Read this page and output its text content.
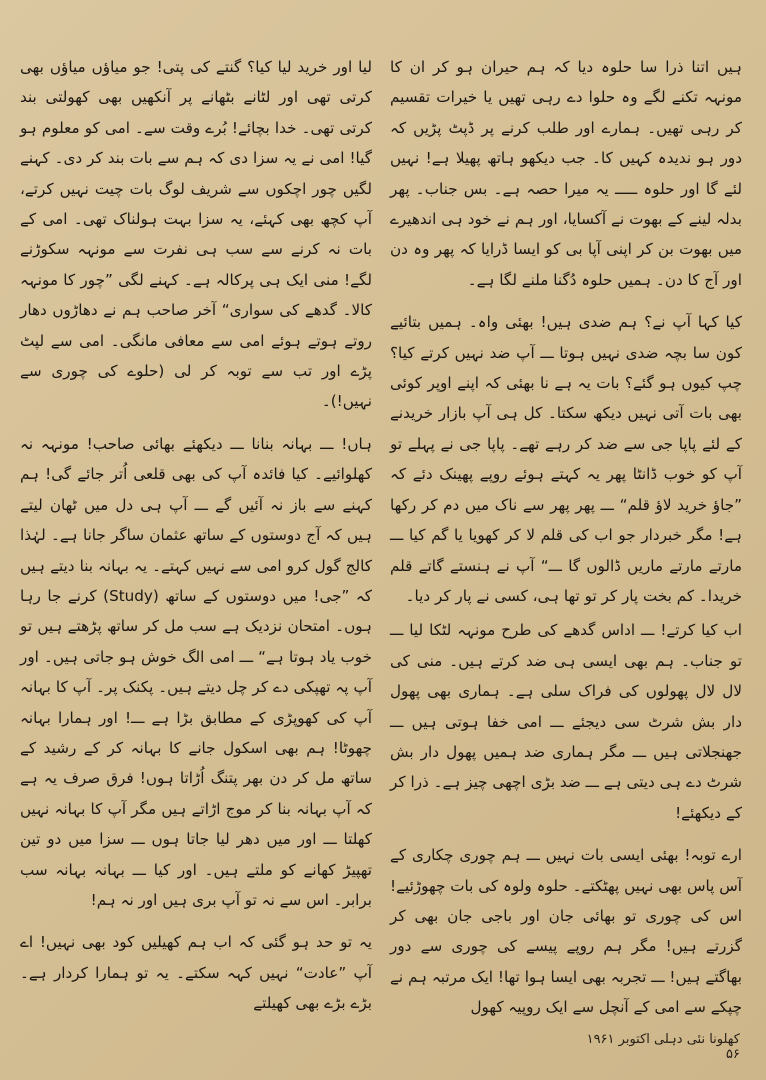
ہیں اتنا ذرا سا حلوہ دیا کہ ہم حیران ہو کر ان کا مونہہ تکنے لگے وہ حلوا دے رہی تھیں یا خیرات تقسیم کر رہی تھیں۔ ہمارے اور طلب کرنے پر ڈپٹ پڑیں کہ دور ہو ندیدہ کہیں کا۔ جب دیکھو ہاتھ پھیلا ہے! نہیں لئے گا اور حلوہ ـــــ یہ میرا حصہ ہے۔ بس جناب۔ پھر بدلہ لینے کے بھوت نے آکسایا، اور ہم نے خود ہی اندھیرے میں بھوت بن کر اپنی آپا بی کو ایسا ڈرایا کہ پھر وہ دن اور آج کا دن۔ ہمیں حلوہ دُگنا ملنے لگا ہے۔

کیا کہا آپ نے؟ ہم ضدی ہیں! بھئی واہ۔ ہمیں بتائیے کون سا بچہ ضدی نہیں ہوتا ـــ آپ ضد نہیں کرتے کیا؟ چپ کیوں ہو گئے؟ بات یہ ہے نا بھئی کہ اپنے اوپر کوئی بھی بات آتی نہیں دیکھ سکتا۔ کل ہی آپ بازار خریدنے کے لئے پاپا جی سے ضد کر رہے تھے۔ پاپا جی نے پہلے تو آپ کو خوب ڈانٹا پھر یہ کہتے ہوئے روپے پھینک دئے کہ ”جاؤ خرید لاؤ قلم“ ـــ پھر پھر سے ناک میں دم کر رکھا ہے! مگر خبردار جو اب کی قلم لا کر کھویا یا گم کیا ـــ مارتے مارتے ماریں ڈالوں گا ـــ“ آپ نے ہنستے گاتے قلم خریدا۔ کم بخت پار کر تو تھا ہی، کسی نے پار کر دیا۔

اب کیا کرتے! ـــ اداس گدھے کی طرح مونہہ لٹکا لیا ـــ تو جناب۔ ہم بھی ایسی ہی ضد کرتے ہیں۔ منی کی لال لال پھولوں کی فراک سلی ہے۔ ہماری بھی پھول دار بش شرٹ سی دیجئے ـــ امی خفا ہوتی ہیں ـــ جھنجلاتی ہیں ـــ مگر ہماری ضد ہمیں پھول دار بش شرٹ دے ہی دیتی ہے ـــ ضد بڑی اچھی چیز ہے۔ ذرا کر کے دیکھئے!

ارے توبہ! بھئی ایسی بات نہیں ـــ ہم چوری چکاری کے آس پاس بھی نہیں پھٹکتے۔ حلوہ ولوہ کی بات چھوڑئیے! اس کی چوری تو بھائی جان اور باجی جان بھی کر گزرتے ہیں! مگر ہم روپے پیسے کی چوری سے دور بھاگتے ہیں! ـــ تجربہ بھی ایسا ہوا تھا! ایک مرتبہ ہم نے چپکے سے امی کے آنچل سے ایک روپیہ کھول

لیا اور خرید لیا کیا؟ گنتے کی پتی! جو میاؤں میاؤں بھی کرتی تھی اور لٹانے بٹھانے پر آنکھیں بھی کھولتی بند کرتی تھی۔ خدا بچائے! بُرے وقت سے۔ امی کو معلوم ہو گیا! امی نے یہ سزا دی کہ ہم سے بات بند کر دی۔ کہنے لگیں چور اچکوں سے شریف لوگ بات چیت نہیں کرتے، آپ کچھ بھی کہئے، یہ سزا بہت ہولناک تھی۔ امی کے بات نہ کرنے سے سب ہی نفرت سے مونہہ سکوڑنے لگے! منی ایک ہی پرکالہ ہے۔ کہنے لگی ”چور کا مونہہ کالا۔ گدھے کی سواری“ آخر صاحب ہم نے دھاڑوں دھار روتے ہوتے ہوئے امی سے معافی مانگی۔ امی سے لپٹ پڑے اور تب سے توبہ کر لی (حلوے کی چوری سے نہیں!)۔

ہاں! ـــ بہانہ بنانا ـــ دیکھئے بھائی صاحب! مونہہ نہ کھلوائیے۔ کیا فائدہ آپ کی بھی قلعی اُتر جائے گی! ہم کہنے سے باز نہ آئیں گے ـــ آپ ہی دل میں ٹھان لیتے ہیں کہ آج دوستوں کے ساتھ عثمان ساگر جانا ہے۔ لہٰذا کالج گول کرو امی سے نہیں کہتے۔ یہ بہانہ بنا دیتے ہیں کہ ”جی! میں دوستوں کے ساتھ (Study) کرنے جا رہا ہوں۔ امتحان نزدیک ہے سب مل کر ساتھ پڑھتے ہیں تو خوب یاد ہوتا ہے“ ـــ امی الگ خوش ہو جاتی ہیں۔ اور آپ پہ تھپکی دے کر چل دیتے ہیں۔ پکنک پر۔ آپ کا بہانہ آپ کی کھوپڑی کے مطابق بڑا ہے ـــ! اور ہمارا بہانہ چھوٹا! ہم بھی اسکول جانے کا بہانہ کر کے رشید کے ساتھ مل کر دن بھر پتنگ اُڑاتا ہوں! فرق صرف یہ ہے کہ آپ بہانہ بنا کر موج اڑاتے ہیں مگر آپ کا بہانہ نہیں کھلتا ـــ اور میں دھر لیا جاتا ہوں ـــ سزا میں دو تین تھپیڑ کھانے کو ملتے ہیں۔ اور کیا ـــ بہانہ بہانہ سب برابر۔ اس سے نہ تو آپ بری ہیں اور نہ ہم!

یہ تو حد ہو گئی کہ اب ہم کھیلیں کود بھی نہیں! اے آپ ”عادت“ نہیں کہہ سکتے۔ یہ تو ہمارا کردار ہے۔ بڑے بڑے بھی کھیلتے

کھلونا نئی دہلی اکتوبر ۱۹۶۱ ۵۶
